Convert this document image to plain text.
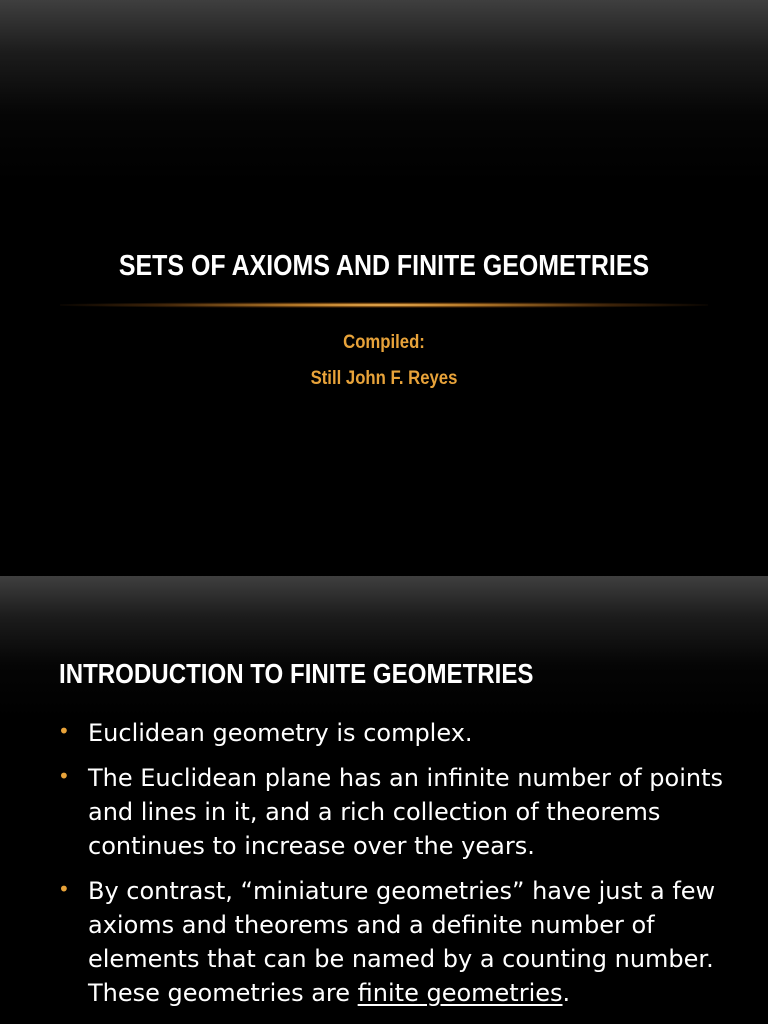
SETS OF AXIOMS AND FINITE GEOMETRIES
Compiled:
Still John F. Reyes
INTRODUCTION TO FINITE GEOMETRIES
• Euclidean geometry is complex.
• The Euclidean plane has an infinite number of points and lines in it, and a rich collection of theorems continues to increase over the years.
• By contrast, “miniature geometries” have just a few axioms and theorems and a definite number of elements that can be named by a counting number. These geometries are finite geometries.
